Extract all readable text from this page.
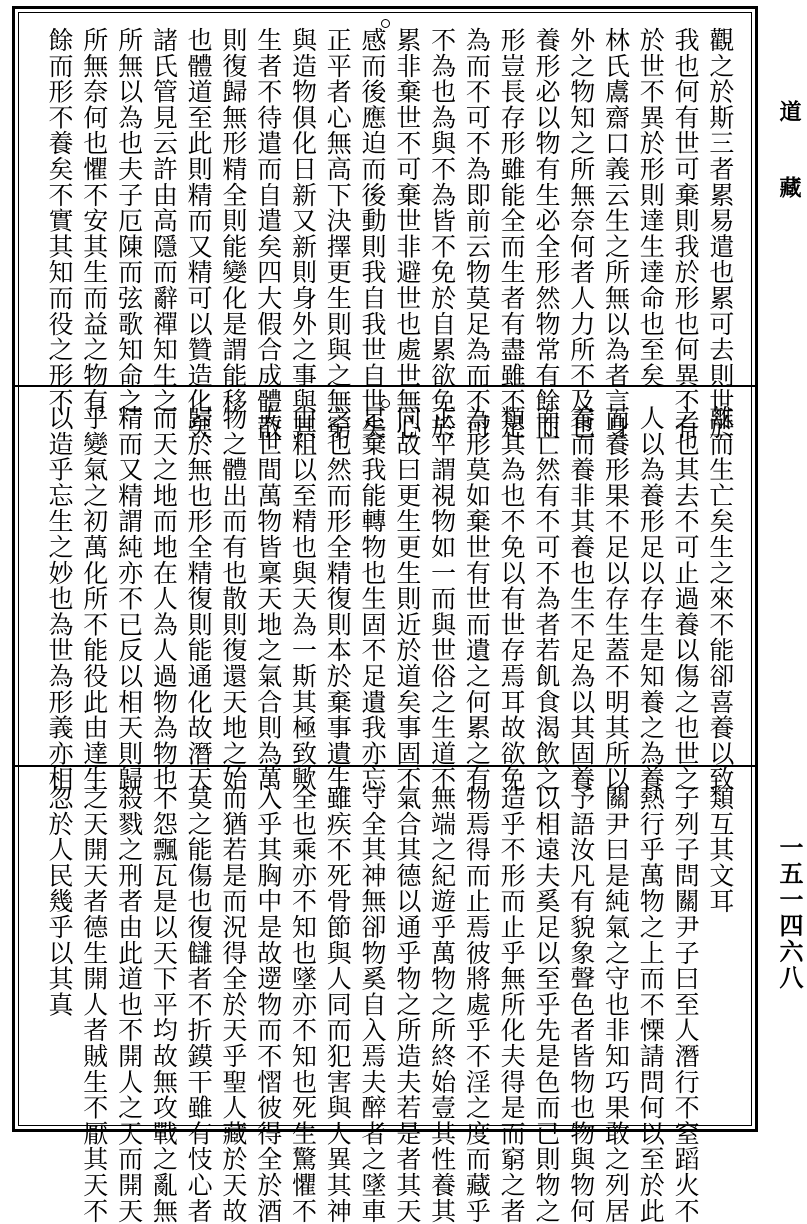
觀之於斯三者累易遣也累可去則世於
我也何有世可棄則我於形也何異不有
於世不異於形則達生達命也至矣
林氏鬳齋口義云生之所無以為者言身
外之物知之所無奈何者人力所不及也
養形必以物有生必全形然物常有餘而
形豈長存形雖能全而生者有盡雖不足
為而不可不為即前云物莫足為而不可
不為也為與不為皆不免於自累欲免於
累非棄世不可棄世非避世也處世無心
感而後應迫而後動則我自我世自世矣
正平者心無高下決擇更生則與之無窮
與造物俱化日新又新則身外之事與其
生者不待遣而自遣矣四大假合成體散
則復歸無形精全則能變化是謂能移
也體道至此則精而又精可以贊造化矣
諸氏管見云許由高隱而辭禪知生之
所無以為也夫子厄陳而弦歌知命之
所無奈何也懼不安其生而益之物有
餘而形不養矣不實其知而役之形不
離而生亡矣生之來不能卻喜養以致
之也其去不可止過養以傷之也世之
人以為養形足以存生是知養之為養
而養形果不足以存生蓋不明其所以
養而養非其養也生不足為以其固養
而亡然有不可不為者若飢食渴飲之
類其為也不免以有世存焉耳故欲免
為形莫如棄世有世而遺之何累之有
正平謂視物如一而與世俗之生道不
同故曰更生更生則近於道矣事固不
足棄我能轉物也生固不足遺我亦忘
之也然而形全精復則本於棄事遺生
由粗以至精也與天為一斯其極致歟
夫世間萬物皆稟天地之氣合則為萬
物之體出而有也散則復還天地之始
歸於無也形全精復則能通化故潛天
而天之地而地在人為人過物為物也
精而又精謂純亦不已反以相天則歸
乎變氣之初萬化所不能役此由達生
以造乎忘生之妙也為世為形義亦相
類互其文耳
子列子問關尹子曰至人潛行不窒蹈火不
熱行乎萬物之上而不慄請問何以至於此
關尹曰是純氣之守也非知巧果敢之列居
予語汝凡有貌象聲色者皆物也物與物何
以相遠夫奚足以至乎先是色而已則物之
造乎不形而止乎無所化夫得是而窮之者
物焉得而止焉彼將處乎不淫之度而藏乎
無端之紀遊乎萬物之所終始壹其性養其
氣合其德以通乎物之所造夫若是者其天
守全其神無卻物奚自入焉夫醉者之墜車
雖疾不死骨節與人同而犯害與人異其神
全也乘亦不知也墜亦不知也死生驚懼不
入乎其胸中是故遻物而不慴彼得全於酒
而猶若是而況得全於天乎聖人藏於天故
莫之能傷也復讎者不折鏌干雖有忮心者
不怨飄瓦是以天下平均故無攻戰之亂無
殺戮之刑者由此道也不開人之天而開天
之天開天者德生開人者賊生不厭其天不
忽於人民幾乎以其真
道藏
一五一四六八
